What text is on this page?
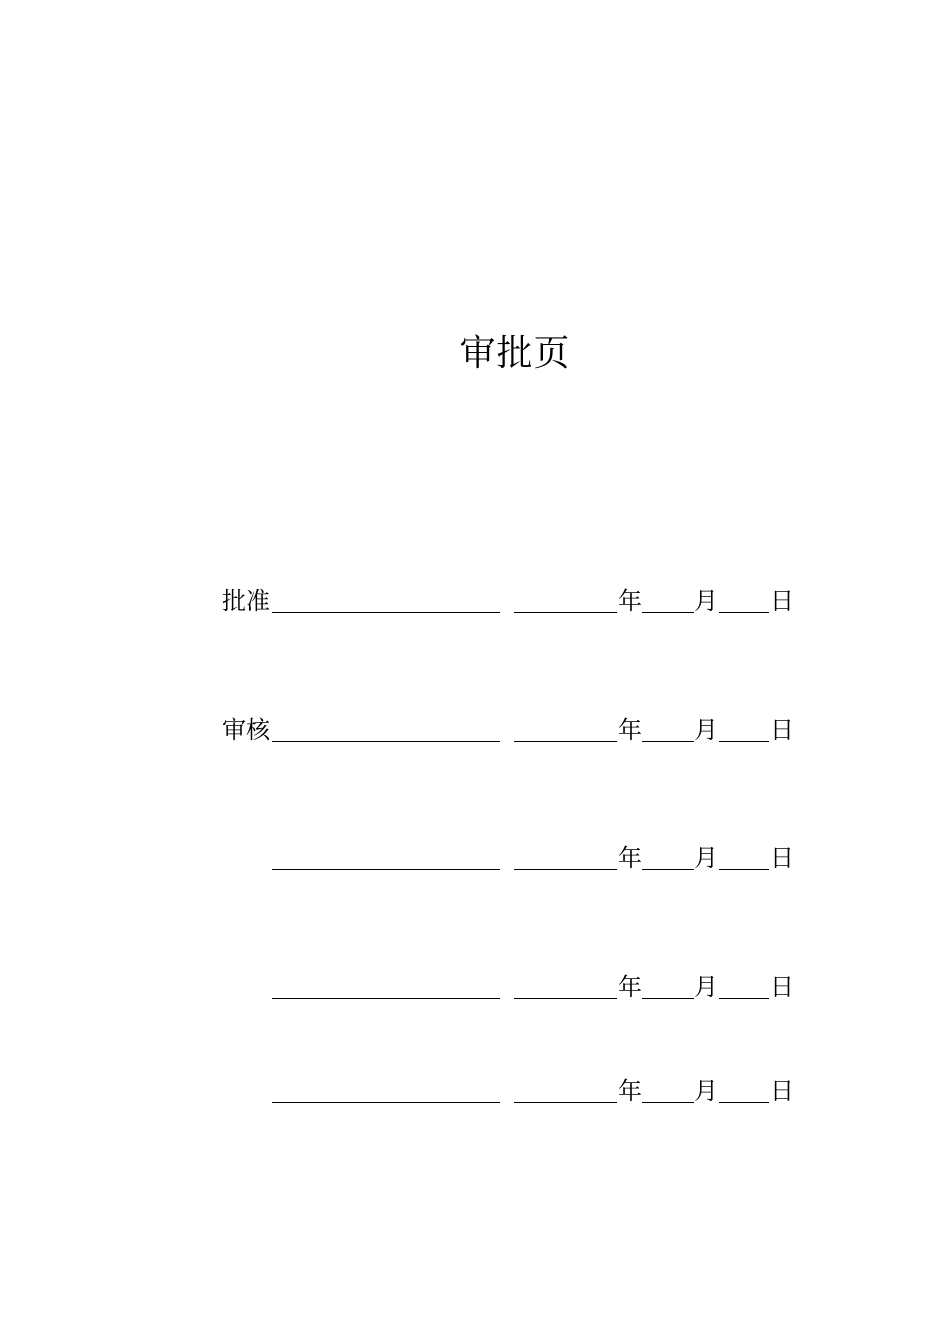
审批页
批准	年 月 日
审核	年 月 日
年 月 日
年 月 日
年 月 日
